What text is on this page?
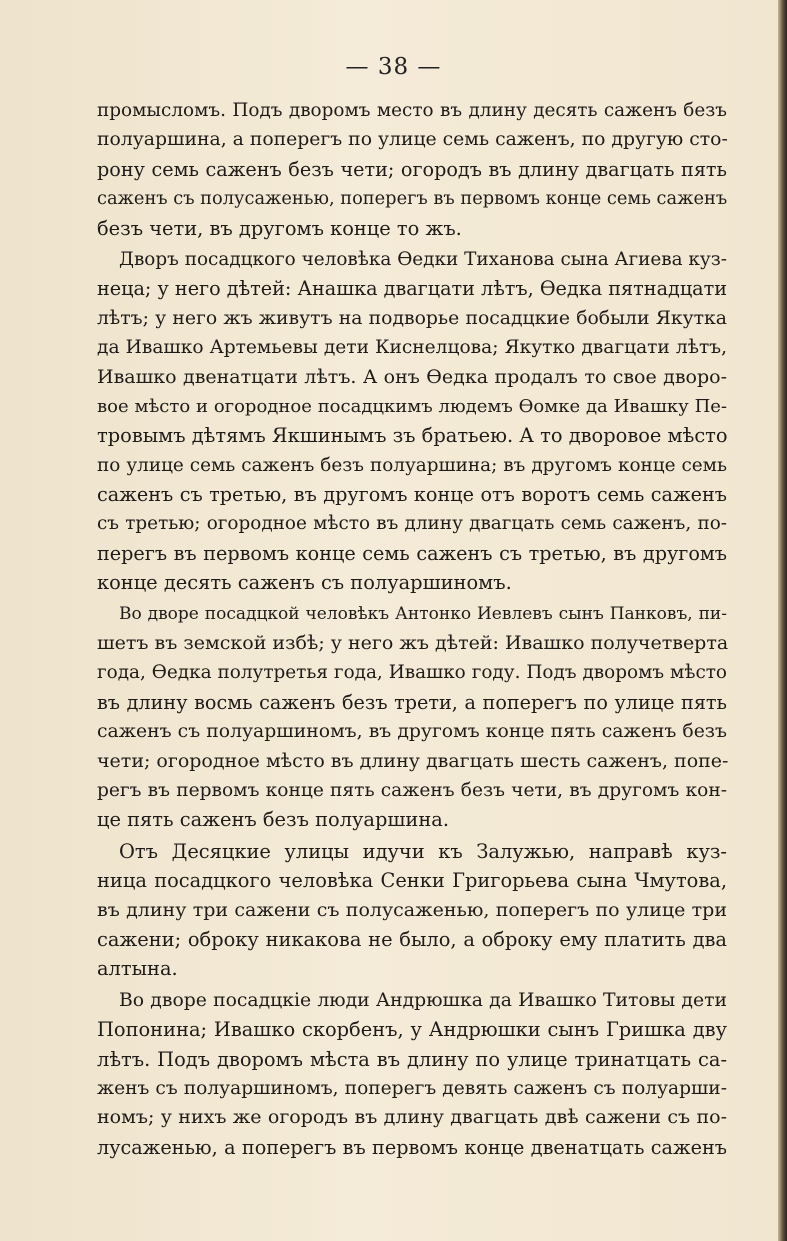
— 38 —
промысломъ. Подъ дворомъ место въ длину десять саженъ безъ
полуаршина, а поперегъ по улице семь саженъ, по другую сто-
рону семь саженъ безъ чети; огородъ въ длину двагцать пять
саженъ съ полусаженью, поперегъ въ первомъ конце семь саженъ
безъ чети, въ другомъ конце то жъ.
Дворъ посадцкого человѣка Ѳедки Тиханова сына Агиева куз-
неца; у него дѣтей: Анашка двагцати лѣтъ, Ѳедка пятнадцати
лѣтъ; у него жъ живутъ на подворье посадцкие бобыли Якутка
да Ивашко Артемьевы дети Киснелцова; Якутко двагцати лѣтъ,
Ивашко двенатцати лѣтъ. А онъ Ѳедка продалъ то свое дворо-
вое мѣсто и огородное посадцкимъ людемъ Ѳомке да Ивашку Пе-
тровымъ дѣтямъ Якшинымъ зъ братьею. А то дворовое мѣсто
по улице семь саженъ безъ полуаршина; въ другомъ конце семь
саженъ съ третью, въ другомъ конце отъ воротъ семь саженъ
съ третью; огородное мѣсто въ длину двагцать семь саженъ, по-
перегъ въ первомъ конце семь саженъ съ третью, въ другомъ
конце десять саженъ съ полуаршиномъ.
Во дворе посадцкой человѣкъ Антонко Иевлевъ сынъ Панковъ, пи-
шетъ въ земской избѣ; у него жъ дѣтей: Ивашко получетверта
года, Ѳедка полутретья года, Ивашко году. Подъ дворомъ мѣсто
въ длину восмь саженъ безъ трети, а поперегъ по улице пять
саженъ съ полуаршиномъ, въ другомъ конце пять саженъ безъ
чети; огородное мѣсто въ длину двагцать шесть саженъ, попе-
регъ въ первомъ конце пять саженъ безъ чети, въ другомъ кон-
це пять саженъ безъ полуаршина.
Отъ Десяцкие улицы идучи къ Залужью, направѣ куз-
ница посадцкого человѣка Сенки Григорьева сына Чмутова,
въ длину три сажени съ полусаженью, поперегъ по улице три
сажени; оброку никакова не было, а оброку ему платить два
алтына.
Во дворе посадцкіе люди Андрюшка да Ивашко Титовы дети
Попонина; Ивашко скорбенъ, у Андрюшки сынъ Гришка дву
лѣтъ. Подъ дворомъ мѣста въ длину по улице тринатцать са-
женъ съ полуаршиномъ, поперегъ девять саженъ съ полуарши-
номъ; у нихъ же огородъ въ длину двагцать двѣ сажени съ по-
лусаженью, а поперегъ въ первомъ конце двенатцать саженъ
